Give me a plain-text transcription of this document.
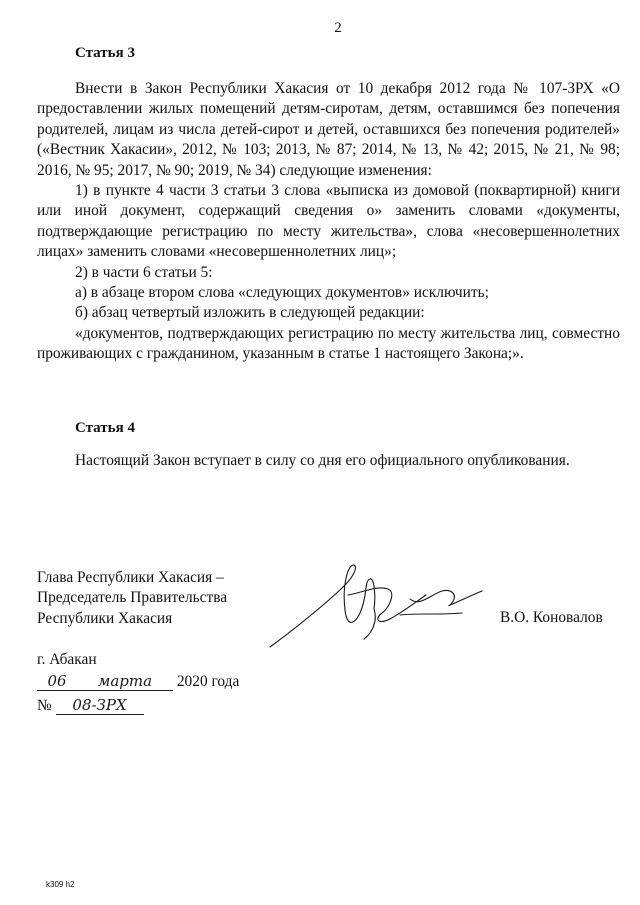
2
Статья 3

Внести в Закон Республики Хакасия от 10 декабря 2012 года № 107-ЗРХ «О предоставлении жилых помещений детям-сиротам, детям, оставшимся без попечения родителей, лицам из числа детей-сирот и детей, оставшихся без попечения родителей» («Вестник Хакасии», 2012, № 103; 2013, № 87; 2014, № 13, № 42; 2015, № 21, № 98; 2016, № 95; 2017, № 90; 2019, № 34) следующие изменения:

1) в пункте 4 части 3 статьи 3 слова «выписка из домовой (поквартирной) книги или иной документ, содержащий сведения о» заменить словами «документы, подтверждающие регистрацию по месту жительства», слова «несовершеннолетних лицах» заменить словами «несовершеннолетних лиц»;

2) в части 6 статьи 5:

а) в абзаце втором слова «следующих документов» исключить;

б) абзац четвертый изложить в следующей редакции:

«документов, подтверждающих регистрацию по месту жительства лиц, совместно проживающих с гражданином, указанным в статье 1 настоящего Закона;».

Статья 4

Настоящий Закон вступает в силу со дня его официального опубликования.

Глава Республики Хакасия –
Председатель Правительства
Республики Хакасия	В.О. Коновалов
г. Абакан
06 марта 2020 года
№ 08-ЗРХ
k309 h2
